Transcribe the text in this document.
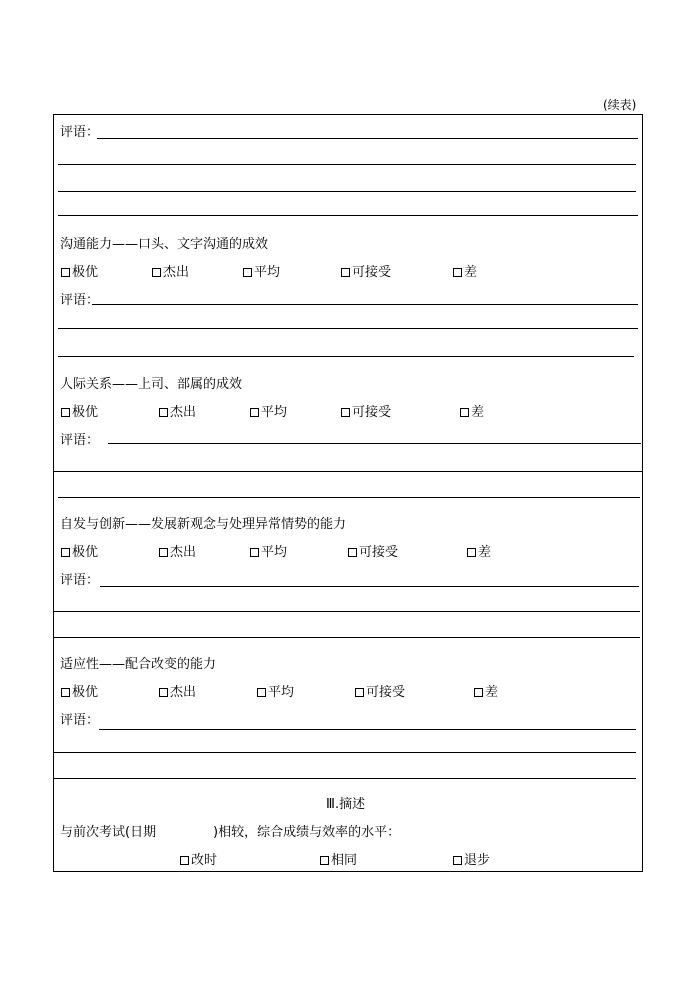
(续表)
评语：
沟通能力——口头、文字沟通的成效
极优	杰出	平均	可接受	差
评语：
人际关系——上司、部属的成效
极优	杰出	平均	可接受	差
评语：
自发与创新——发展新观念与处理异常情势的能力
极优	杰出	平均	可接受	差
评语：
适应性——配合改变的能力
极优	杰出	平均	可接受	差
评语：
Ⅲ.摘述
与前次考试(日期	)相较，综合成绩与效率的水平：
改时	相同	退步
